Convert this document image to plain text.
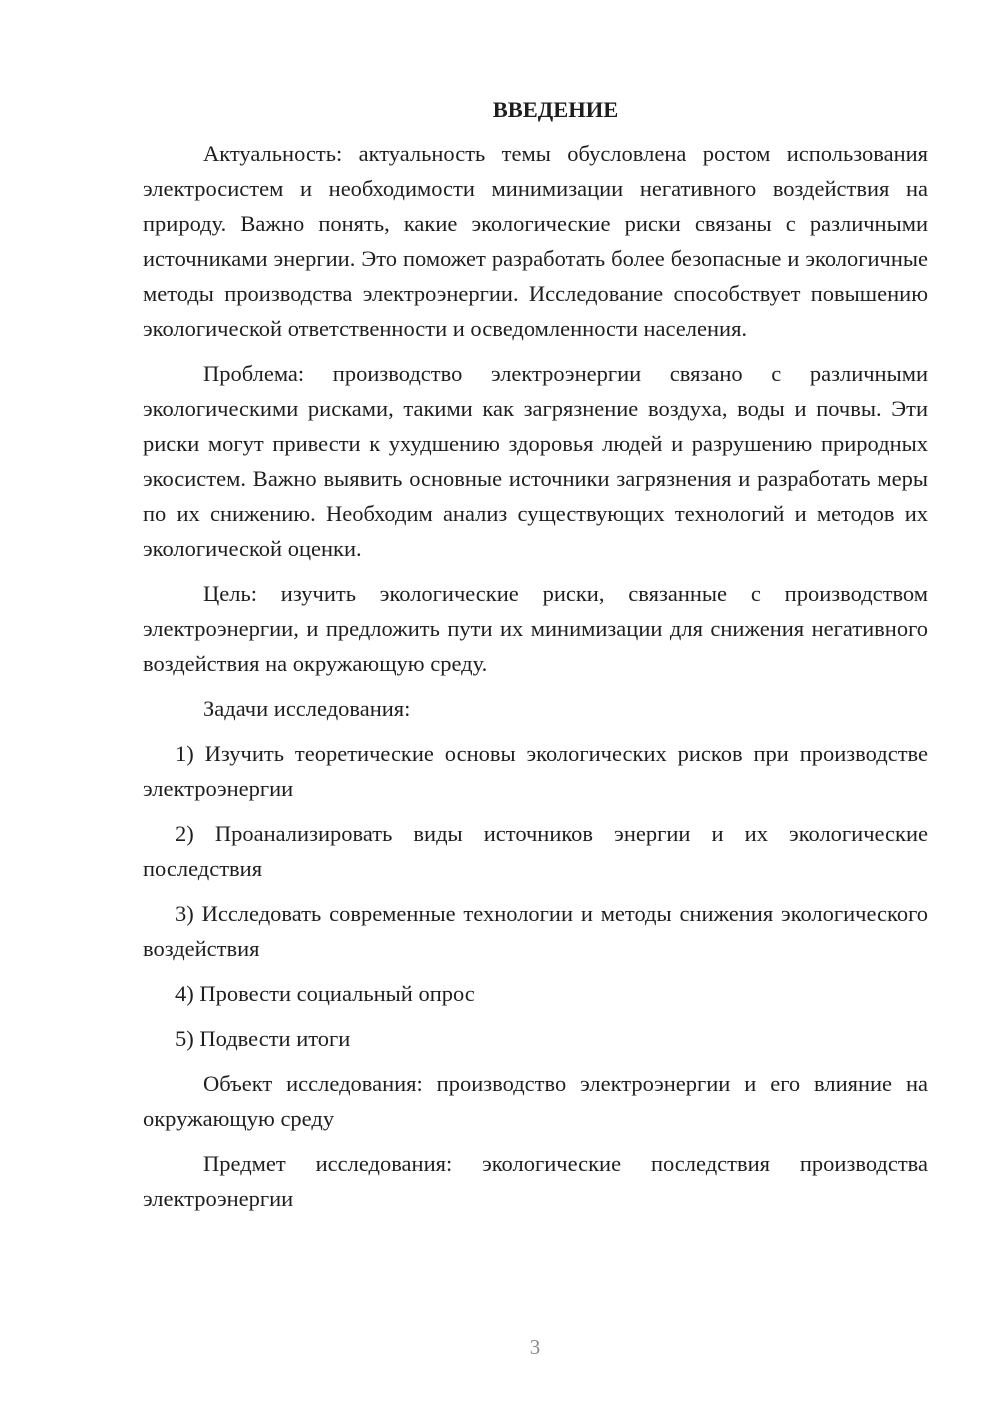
ВВЕДЕНИЕ

Актуальность: актуальность темы обусловлена ростом использования электросистем и необходимости минимизации негативного воздействия на природу. Важно понять, какие экологические риски связаны с различными источниками энергии. Это поможет разработать более безопасные и экологичные методы производства электроэнергии. Исследование способствует повышению экологической ответственности и осведомленности населения.

Проблема: производство электроэнергии связано с различными экологическими рисками, такими как загрязнение воздуха, воды и почвы. Эти риски могут привести к ухудшению здоровья людей и разрушению природных экосистем. Важно выявить основные источники загрязнения и разработать меры по их снижению. Необходим анализ существующих технологий и методов их экологической оценки.

Цель: изучить экологические риски, связанные с производством электроэнергии, и предложить пути их минимизации для снижения негативного воздействия на окружающую среду.

Задачи исследования:

1) Изучить теоретические основы экологических рисков при производстве электроэнергии

2) Проанализировать виды источников энергии и их экологические последствия

3) Исследовать современные технологии и методы снижения экологического воздействия

4) Провести социальный опрос

5) Подвести итоги

Объект исследования: производство электроэнергии и его влияние на окружающую среду

Предмет исследования: экологические последствия производства электроэнергии

3
